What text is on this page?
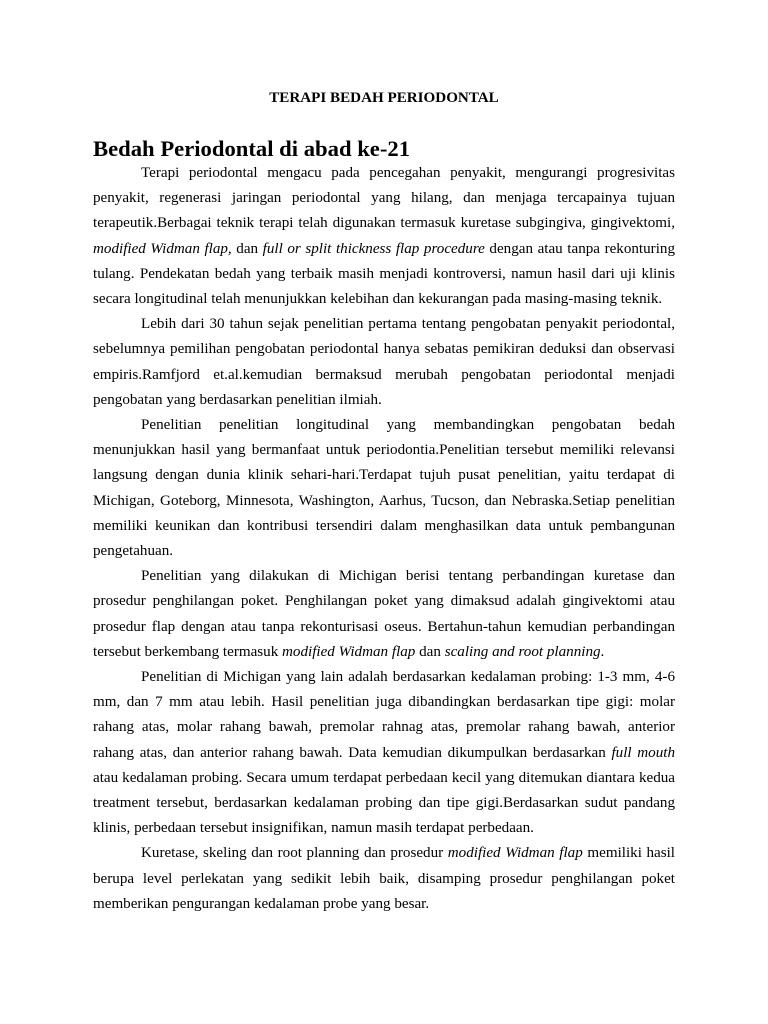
TERAPI BEDAH PERIODONTAL
Bedah Periodontal di abad ke-21

Terapi periodontal mengacu pada pencegahan penyakit, mengurangi progresivitas penyakit, regenerasi jaringan periodontal yang hilang, dan menjaga tercapainya tujuan terapeutik.Berbagai teknik terapi telah digunakan termasuk kuretase subgingiva, gingivektomi, modified Widman flap, dan full or split thickness flap procedure dengan atau tanpa rekonturing tulang. Pendekatan bedah yang terbaik masih menjadi kontroversi, namun hasil dari uji klinis secara longitudinal telah menunjukkan kelebihan dan kekurangan pada masing-masing teknik.

Lebih dari 30 tahun sejak penelitian pertama tentang pengobatan penyakit periodontal, sebelumnya pemilihan pengobatan periodontal hanya sebatas pemikiran deduksi dan observasi empiris.Ramfjord et.al.kemudian bermaksud merubah pengobatan periodontal menjadi pengobatan yang berdasarkan penelitian ilmiah.

Penelitian penelitian longitudinal yang membandingkan pengobatan bedah menunjukkan hasil yang bermanfaat untuk periodontia.Penelitian tersebut memiliki relevansi langsung dengan dunia klinik sehari-hari.Terdapat tujuh pusat penelitian, yaitu terdapat di Michigan, Goteborg, Minnesota, Washington, Aarhus, Tucson, dan Nebraska.Setiap penelitian memiliki keunikan dan kontribusi tersendiri dalam menghasilkan data untuk pembangunan pengetahuan.

Penelitian yang dilakukan di Michigan berisi tentang perbandingan kuretase dan prosedur penghilangan poket. Penghilangan poket yang dimaksud adalah gingivektomi atau prosedur flap dengan atau tanpa rekonturisasi oseus. Bertahun-tahun kemudian perbandingan tersebut berkembang termasuk modified Widman flap dan scaling and root planning.

Penelitian di Michigan yang lain adalah berdasarkan kedalaman probing: 1-3 mm, 4-6 mm, dan 7 mm atau lebih. Hasil penelitian juga dibandingkan berdasarkan tipe gigi: molar rahang atas, molar rahang bawah, premolar rahnag atas, premolar rahang bawah, anterior rahang atas, dan anterior rahang bawah. Data kemudian dikumpulkan berdasarkan full mouth atau kedalaman probing. Secara umum terdapat perbedaan kecil yang ditemukan diantara kedua treatment tersebut, berdasarkan kedalaman probing dan tipe gigi.Berdasarkan sudut pandang klinis, perbedaan tersebut insignifikan, namun masih terdapat perbedaan.

Kuretase, skeling dan root planning dan prosedur modified Widman flap memiliki hasil berupa level perlekatan yang sedikit lebih baik, disamping prosedur penghilangan poket memberikan pengurangan kedalaman probe yang besar.
